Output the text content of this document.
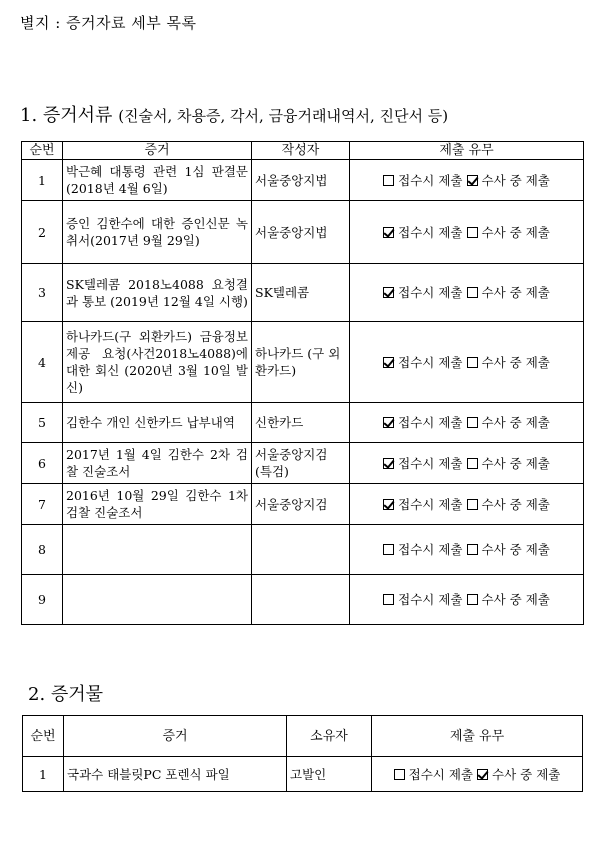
별지 : 증거자료 세부 목록
1. 증거서류 (진술서, 차용증, 각서, 금융거래내역서, 진단서 등)
순번	증거	작성자	제출 유무
1	박근혜 대통령 관련 1심 판결문(2018년 4월 6일)	서울중앙지법	접수시 제출 수사 중 제출
2	증인 김한수에 대한 증인신문 녹취서(2017년 9월 29일)	서울중앙지법	접수시 제출 수사 중 제출
3	SK텔레콤 2018노4088 요청결과 통보 (2019년 12월 4일 시행)	SK텔레콤	접수시 제출 수사 중 제출
4	하나카드(구 외환카드) 금융정보 제공 요청(사건2018노4088)에 대한 회신 (2020년 3월 10일 발신)	하나카드 (구 외환카드)	접수시 제출 수사 중 제출
5	김한수 개인 신한카드 납부내역	신한카드	접수시 제출 수사 중 제출
6	2017년 1월 4일 김한수 2차 검찰 진술조서	서울중앙지검 (특검)	접수시 제출 수사 중 제출
7	2016년 10월 29일 김한수 1차 검찰 진술조서	서울중앙지검	접수시 제출 수사 중 제출
8			접수시 제출 수사 중 제출
9			접수시 제출 수사 중 제출
2. 증거물
순번	증거	소유자	제출 유무
1	국과수 태블릿PC 포렌식 파일	고발인	접수시 제출 수사 중 제출
